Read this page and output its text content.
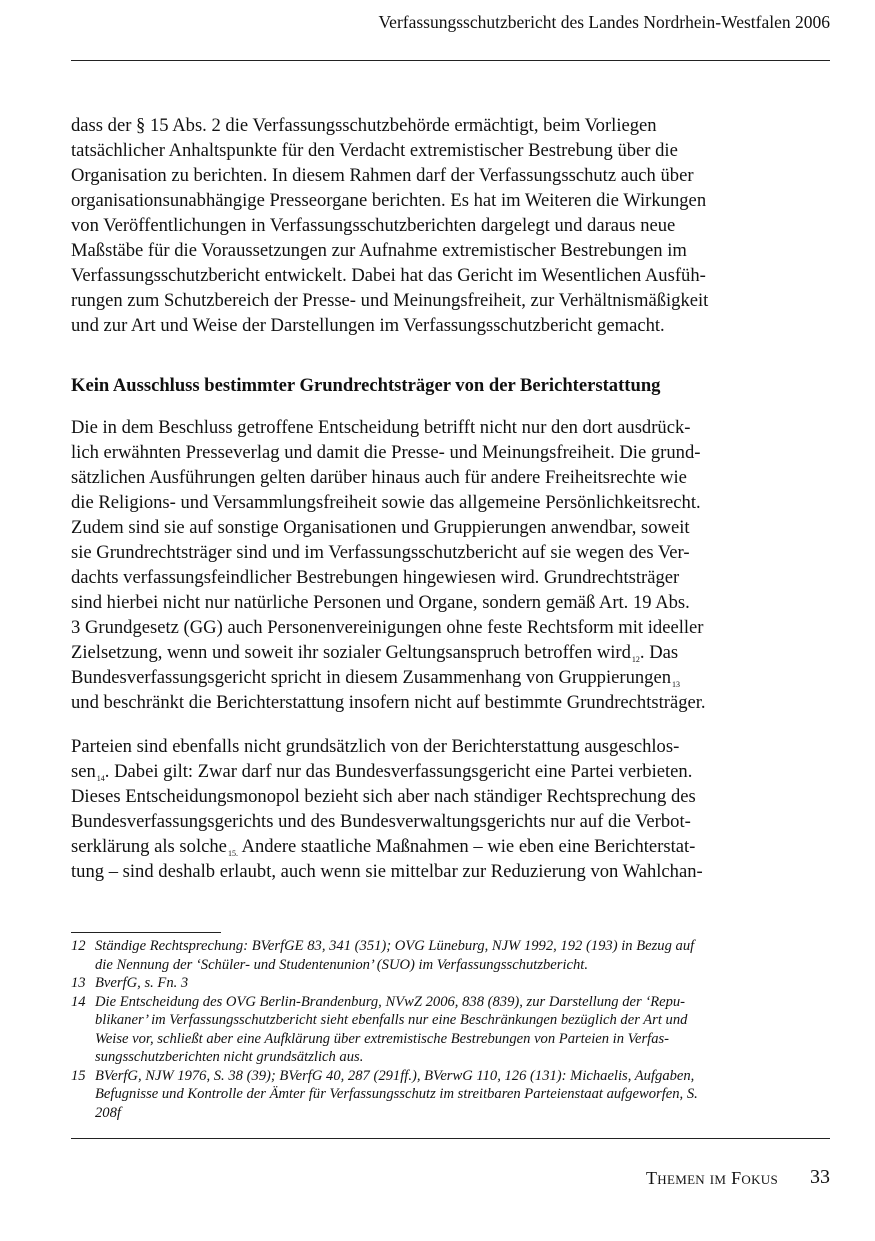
Verfassungsschutzbericht des Landes Nordrhein-Westfalen 2006
dass der § 15 Abs. 2 die Verfassungsschutzbehörde ermächtigt, beim Vorliegen
tatsächlicher Anhaltspunkte für den Verdacht extremistischer Bestrebung über die
Organisation zu berichten. In diesem Rahmen darf der Verfassungsschutz auch über
organisationsunabhängige Presseorgane berichten. Es hat im Weiteren die Wirkungen
von Veröffentlichungen in Verfassungsschutzberichten dargelegt und daraus neue
Maßstäbe für die Voraussetzungen zur Aufnahme extremistischer Bestrebungen im
Verfassungsschutzbericht entwickelt. Dabei hat das Gericht im Wesentlichen Ausfüh-
rungen zum Schutzbereich der Presse- und Meinungsfreiheit, zur Verhältnismäßigkeit
und zur Art und Weise der Darstellungen im Verfassungsschutzbericht gemacht.
Kein Ausschluss bestimmter Grundrechtsträger von der Berichterstattung
Die in dem Beschluss getroffene Entscheidung betrifft nicht nur den dort ausdrück-
lich erwähnten Presseverlag und damit die Presse- und Meinungsfreiheit. Die grund-
sätzlichen Ausführungen gelten darüber hinaus auch für andere Freiheitsrechte wie
die Religions- und Versammlungsfreiheit sowie das allgemeine Persönlichkeitsrecht.
Zudem sind sie auf sonstige Organisationen und Gruppierungen anwendbar, soweit
sie Grundrechtsträger sind und im Verfassungsschutzbericht auf sie wegen des Ver-
dachts verfassungsfeindlicher Bestrebungen hingewiesen wird. Grundrechtsträger
sind hierbei nicht nur natürliche Personen und Organe, sondern gemäß Art. 19 Abs.
3 Grundgesetz (GG) auch Personenvereinigungen ohne feste Rechtsform mit ideeller
Zielsetzung, wenn und soweit ihr sozialer Geltungsanspruch betroffen wird$^{12}$. Das
Bundesverfassungsgericht spricht in diesem Zusammenhang von Gruppierungen$^{13}$
und beschränkt die Berichterstattung insofern nicht auf bestimmte Grundrechtsträger.
Parteien sind ebenfalls nicht grundsätzlich von der Berichterstattung ausgeschlos-
sen$^{14}$. Dabei gilt: Zwar darf nur das Bundesverfassungsgericht eine Partei verbieten.
Dieses Entscheidungsmonopol bezieht sich aber nach ständiger Rechtsprechung des
Bundesverfassungsgerichts und des Bundesverwaltungsgerichts nur auf die Verbot-
serklärung als solche$^{15.}$ Andere staatliche Maßnahmen – wie eben eine Berichterstat-
tung – sind deshalb erlaubt, auch wenn sie mittelbar zur Reduzierung von Wahlchan-
12 Ständige Rechtsprechung: BVerfGE 83, 341 (351); OVG Lüneburg, NJW 1992, 192 (193) in Bezug auf
die Nennung der ‘Schüler- und Studentenunion’ (SUO) im Verfassungsschutzbericht.
13 BverfG, s. Fn. 3
14 Die Entscheidung des OVG Berlin-Brandenburg, NVwZ 2006, 838 (839), zur Darstellung der ‘Repu-
blikaner’ im Verfassungsschutzbericht sieht ebenfalls nur eine Beschränkungen bezüglich der Art und
Weise vor, schließt aber eine Aufklärung über extremistische Bestrebungen von Parteien in Verfas-
sungsschutzberichten nicht grundsätzlich aus.
15 BVerfG, NJW 1976, S. 38 (39); BVerfG 40, 287 (291ff.), BVerwG 110, 126 (131): Michaelis, Aufgaben,
Befugnisse und Kontrolle der Ämter für Verfassungsschutz im streitbaren Parteienstaat aufgeworfen, S.
208f
Themen im Fokus 33
